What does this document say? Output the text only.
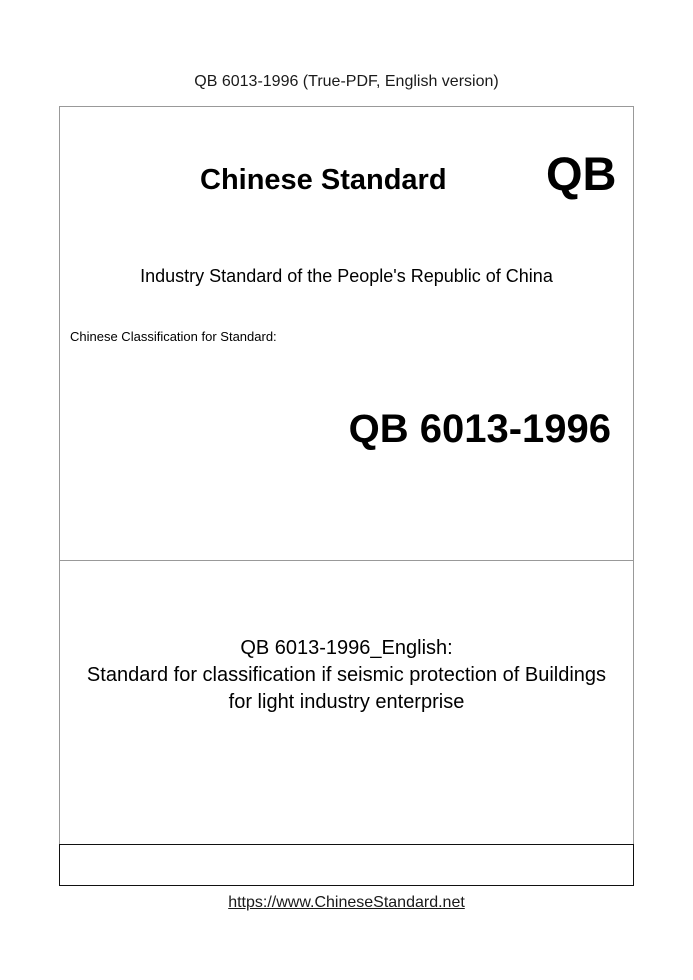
QB 6013-1996 (True-PDF, English version)
Chinese Standard QB
Industry Standard of the People's Republic of China
Chinese Classification for Standard:
QB 6013-1996
QB 6013-1996_English:
Standard for classification if seismic protection of Buildings
for light industry enterprise
https://www.ChineseStandard.net
